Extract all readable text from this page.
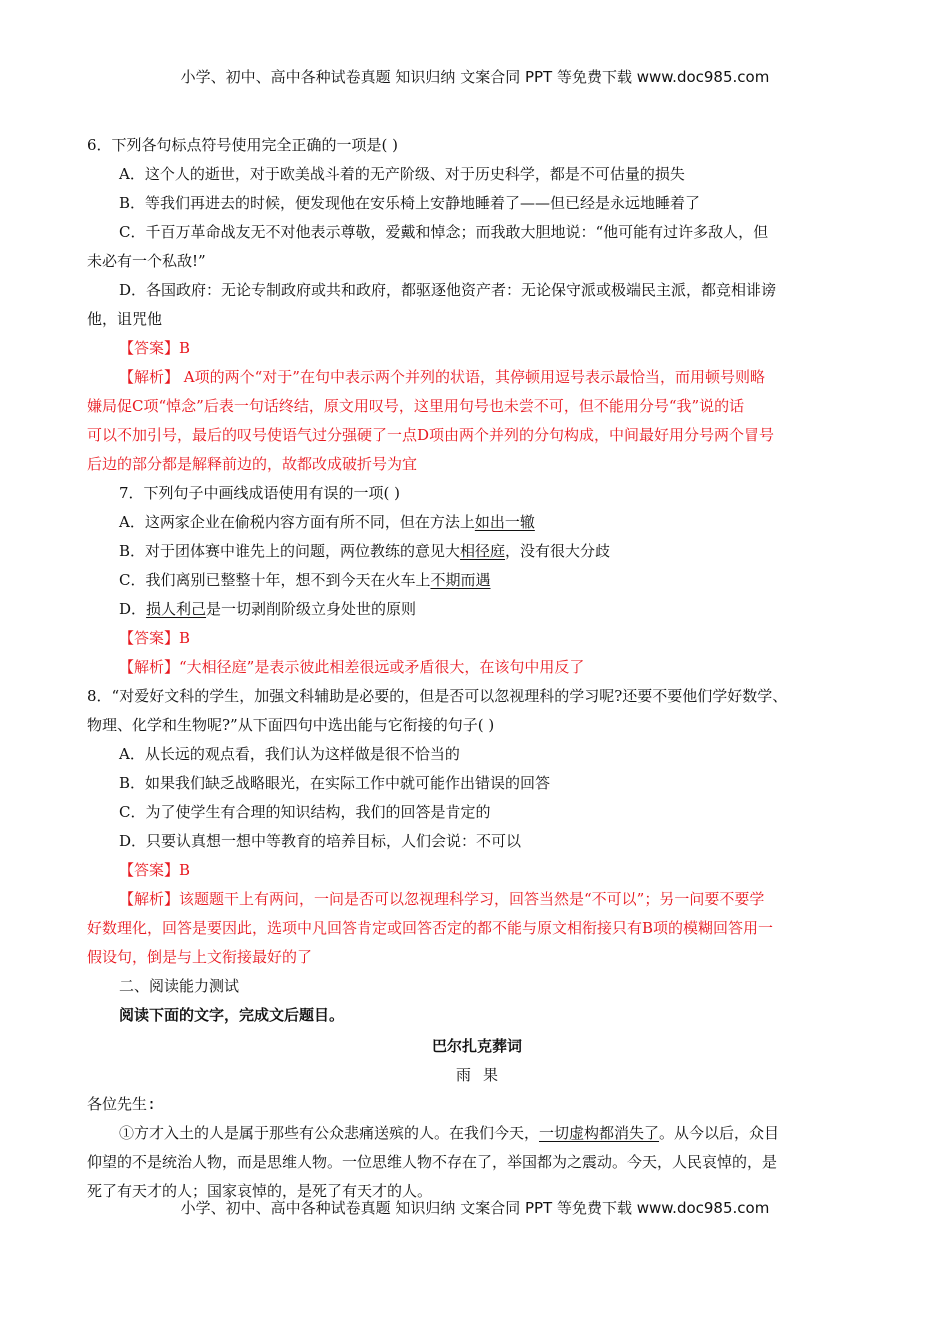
小学、初中、高中各种试卷真题 知识归纳 文案合同 PPT 等免费下载 www.doc985.com
6．下列各句标点符号使用完全正确的一项是( )
A．这个人的逝世，对于欧美战斗着的无产阶级、对于历史科学，都是不可估量的损失
B．等我们再进去的时候，便发现他在安乐椅上安静地睡着了——但已经是永远地睡着了
C．千百万革命战友无不对他表示尊敬，爱戴和悼念；而我敢大胆地说：“他可能有过许多敌人，但
未必有一个私敌!”
D．各国政府：无论专制政府或共和政府，都驱逐他资产者：无论保守派或极端民主派，都竞相诽谤
他，诅咒他
【答案】B
【解析】 A项的两个“对于”在句中表示两个并列的状语，其停顿用逗号表示最恰当，而用顿号则略
嫌局促C项“悼念”后表一句话终结，原文用叹号，这里用句号也未尝不可，但不能用分号“我”说的话
可以不加引号，最后的叹号使语气过分强硬了一点D项由两个并列的分句构成，中间最好用分号两个冒号
后边的部分都是解释前边的，故都改成破折号为宜
7．下列句子中画线成语使用有误的一项( )
A．这两家企业在偷税内容方面有所不同，但在方法上如出一辙
B．对于团体赛中谁先上的问题，两位教练的意见大相径庭，没有很大分歧
C．我们离别已整整十年，想不到今天在火车上不期而遇
D．损人利己是一切剥削阶级立身处世的原则
【答案】B
【解析】“大相径庭”是表示彼此相差很远或矛盾很大，在该句中用反了
8．“对爱好文科的学生，加强文科辅助是必要的，但是否可以忽视理科的学习呢?还要不要他们学好数学、
物理、化学和生物呢?”从下面四句中选出能与它衔接的句子( )
A．从长远的观点看，我们认为这样做是很不恰当的
B．如果我们缺乏战略眼光，在实际工作中就可能作出错误的回答
C．为了使学生有合理的知识结构，我们的回答是肯定的
D．只要认真想一想中等教育的培养目标，人们会说：不可以
【答案】B
【解析】该题题干上有两问，一问是否可以忽视理科学习，回答当然是“不可以”；另一问要不要学
好数理化，回答是要因此，选项中凡回答肯定或回答否定的都不能与原文相衔接只有B项的模糊回答用一
假设句，倒是与上文衔接最好的了
二、阅读能力测试
阅读下面的文字，完成文后题目。
巴尔扎克葬词
雨 果
各位先生:
①方才入土的人是属于那些有公众悲痛送殡的人。在我们今天，一切虚构都消失了。从今以后，众目
仰望的不是统治人物，而是思维人物。一位思维人物不存在了，举国都为之震动。今天，人民哀悼的，是
死了有天才的人；国家哀悼的，是死了有天才的人。
小学、初中、高中各种试卷真题 知识归纳 文案合同 PPT 等免费下载 www.doc985.com
